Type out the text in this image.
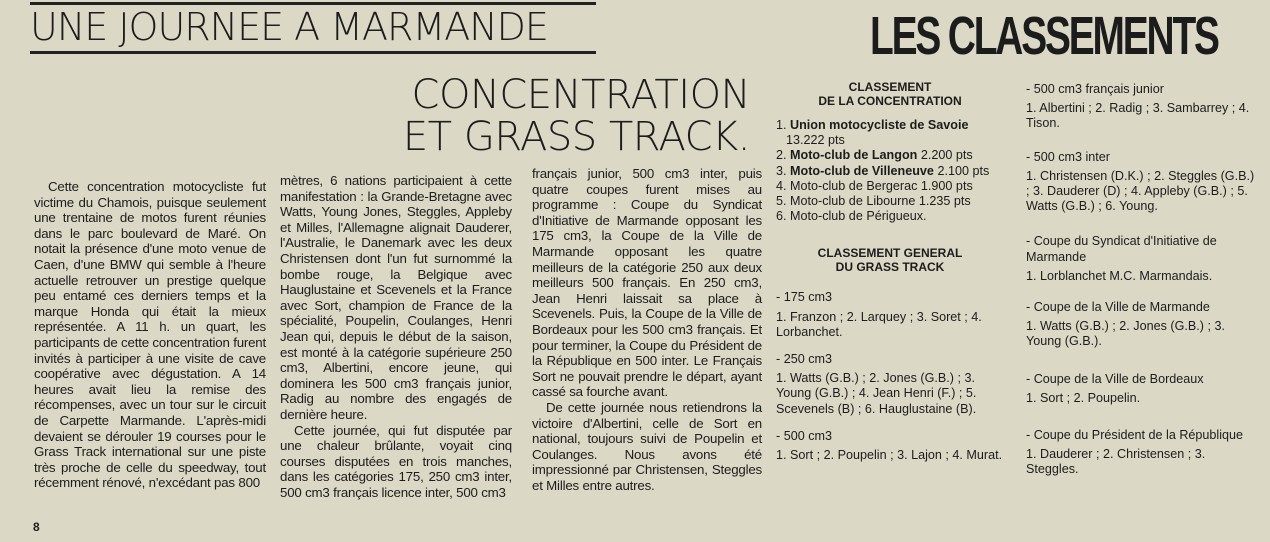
UNE JOURNEE A MARMANDE	LES CLASSEMENTS
CONCENTRATION
ET GRASS TRACK.

Cette concentration motocycliste fut victime du Chamois, puisque seulement une trentaine de motos furent réunies dans le parc boulevard de Maré. On notait la présence d'une moto venue de Caen, d'une BMW qui semble à l'heure actuelle retrouver un prestige quelque peu entamé ces derniers temps et la marque Honda qui était la mieux représentée. A 11 h. un quart, les participants de cette concentration furent invités à participer à une visite de cave coopérative avec dégustation. A 14 heures avait lieu la remise des récompenses, avec un tour sur le circuit de Carpette Marmande. L'après-midi devaient se dérouler 19 courses pour le Grass Track international sur une piste très proche de celle du speedway, tout récemment rénové, n'excédant pas 800

mètres, 6 nations participaient à cette manifestation : la Grande-Bretagne avec Watts, Young Jones, Steggles, Appleby et Milles, l'Allemagne alignait Dauderer, l'Australie, le Danemark avec les deux Christensen dont l'un fut surnommé la bombe rouge, la Belgique avec Hauglustaine et Scevenels et la France avec Sort, champion de France de la spécialité, Poupelin, Coulanges, Henri Jean qui, depuis le début de la saison, est monté à la catégorie supérieure 250 cm3, Albertini, encore jeune, qui dominera les 500 cm3 français junior, Radig au nombre des engagés de dernière heure.

Cette journée, qui fut disputée par une chaleur brûlante, voyait cinq courses disputées en trois manches, dans les catégories 175, 250 cm3 inter, 500 cm3 français licence inter, 500 cm3

français junior, 500 cm3 inter, puis quatre coupes furent mises au programme : Coupe du Syndicat d'Initiative de Marmande opposant les 175 cm3, la Coupe de la Ville de Marmande opposant les quatre meilleurs de la catégorie 250 aux deux meilleurs 500 français. En 250 cm3, Jean Henri laissait sa place à Scevenels. Puis, la Coupe de la Ville de Bordeaux pour les 500 cm3 français. Et pour terminer, la Coupe du Président de la République en 500 inter. Le Français Sort ne pouvait prendre le départ, ayant cassé sa fourche avant.

De cette journée nous retiendrons la victoire d'Albertini, celle de Sort en national, toujours suivi de Poupelin et Coulanges. Nous avons été impressionné par Christensen, Steggles et Milles entre autres.

CLASSEMENT
DE LA CONCENTRATION
1. Union motocycliste de Savoie
13.222 pts
2. Moto-club de Langon 2.200 pts
3. Moto-club de Villeneuve 2.100 pts
4. Moto-club de Bergerac 1.900 pts
5. Moto-club de Libourne 1.235 pts
6. Moto-club de Périgueux.
CLASSEMENT GENERAL
DU GRASS TRACK
- 175 cm3
1. Franzon ; 2. Larquey ; 3. Soret ; 4. Lorbanchet.
- 250 cm3
1. Watts (G.B.) ; 2. Jones (G.B.) ; 3. Young (G.B.) ; 4. Jean Henri (F.) ; 5. Scevenels (B) ; 6. Hauglustaine (B).
- 500 cm3
1. Sort ; 2. Poupelin ; 3. Lajon ; 4. Murat.
- 500 cm3 français junior
1. Albertini ; 2. Radig ; 3. Sambarrey ; 4. Tison.
- 500 cm3 inter
1. Christensen (D.K.) ; 2. Steggles (G.B.) ; 3. Dauderer (D) ; 4. Appleby (G.B.) ; 5. Watts (G.B.) ; 6. Young.
- Coupe du Syndicat d'Initiative de Marmande
1. Lorblanchet M.C. Marmandais.
- Coupe de la Ville de Marmande
1. Watts (G.B.) ; 2. Jones (G.B.) ; 3. Young (G.B.).
- Coupe de la Ville de Bordeaux
1. Sort ; 2. Poupelin.
- Coupe du Président de la République
1. Dauderer ; 2. Christensen ; 3. Steggles.
8
